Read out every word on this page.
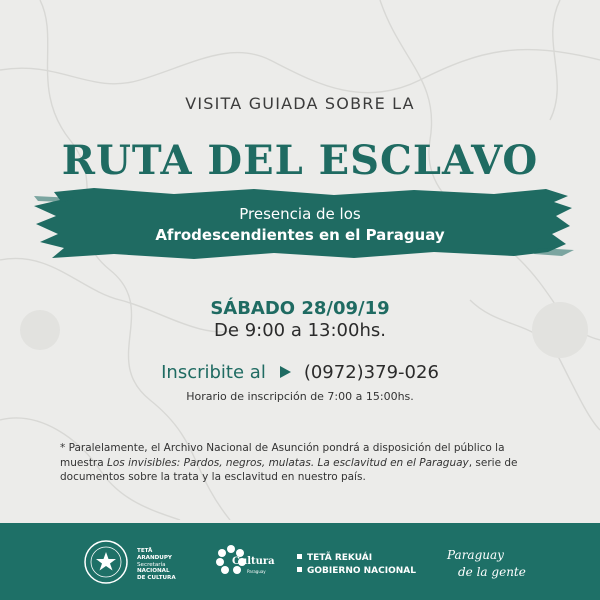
VISITA GUIADA SOBRE LA
RUTA DEL ESCLAVO
Presencia de los
Afrodescendientes en el Paraguay
SÁBADO 28/09/19
De 9:00 a 13:00hs.
Inscribite al (0972)379-026
Horario de inscripción de 7:00 a 15:00hs.
* Paralelamente, el Archivo Nacional de Asunción pondrá a disposición del público la muestra Los invisibles: Pardos, negros, mulatas. La esclavitud en el Paraguay, serie de documentos sobre la trata y la esclavitud en nuestro país.
TETÃ
ARANDUPY
Secretaría
NACIONAL
DE CULTURA
Cultura
Paraguay
TETÃ REKUÁI
GOBIERNO NACIONAL
Paraguay
de la gente
